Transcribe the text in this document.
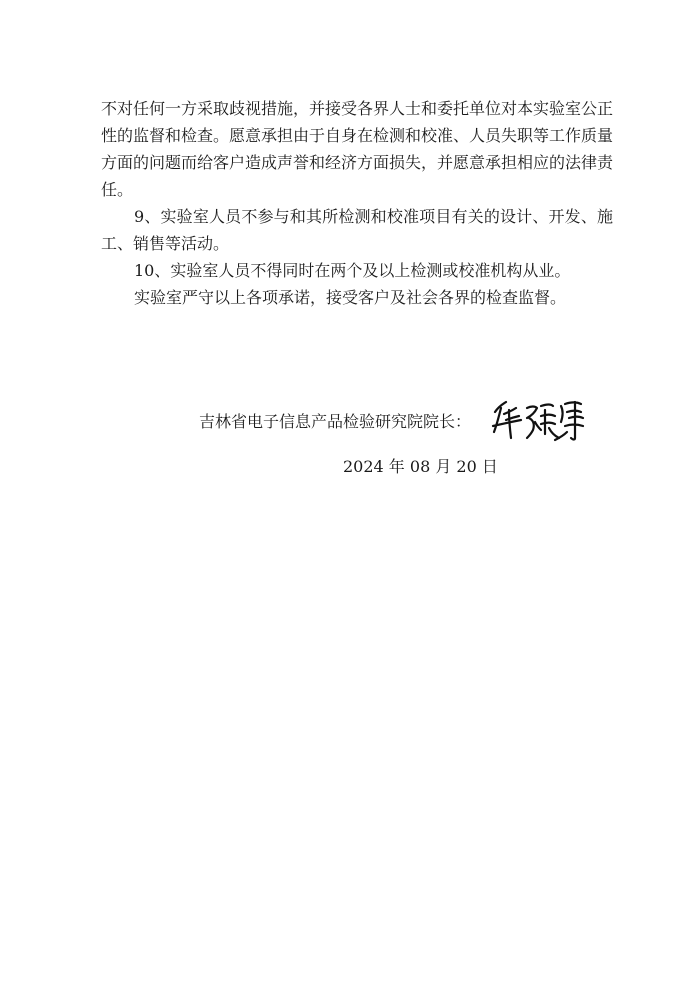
不对任何一方采取歧视措施，并接受各界人士和委托单位对本实验室公正性的监督和检查。愿意承担由于自身在检测和校准、人员失职等工作质量方面的问题而给客户造成声誉和经济方面损失，并愿意承担相应的法律责任。

9、实验室人员不参与和其所检测和校准项目有关的设计、开发、施工、销售等活动。

10、实验室人员不得同时在两个及以上检测或校准机构从业。

实验室严守以上各项承诺，接受客户及社会各界的检查监督。

吉林省电子信息产品检验研究院院长：
2024 年 08 月 20 日
